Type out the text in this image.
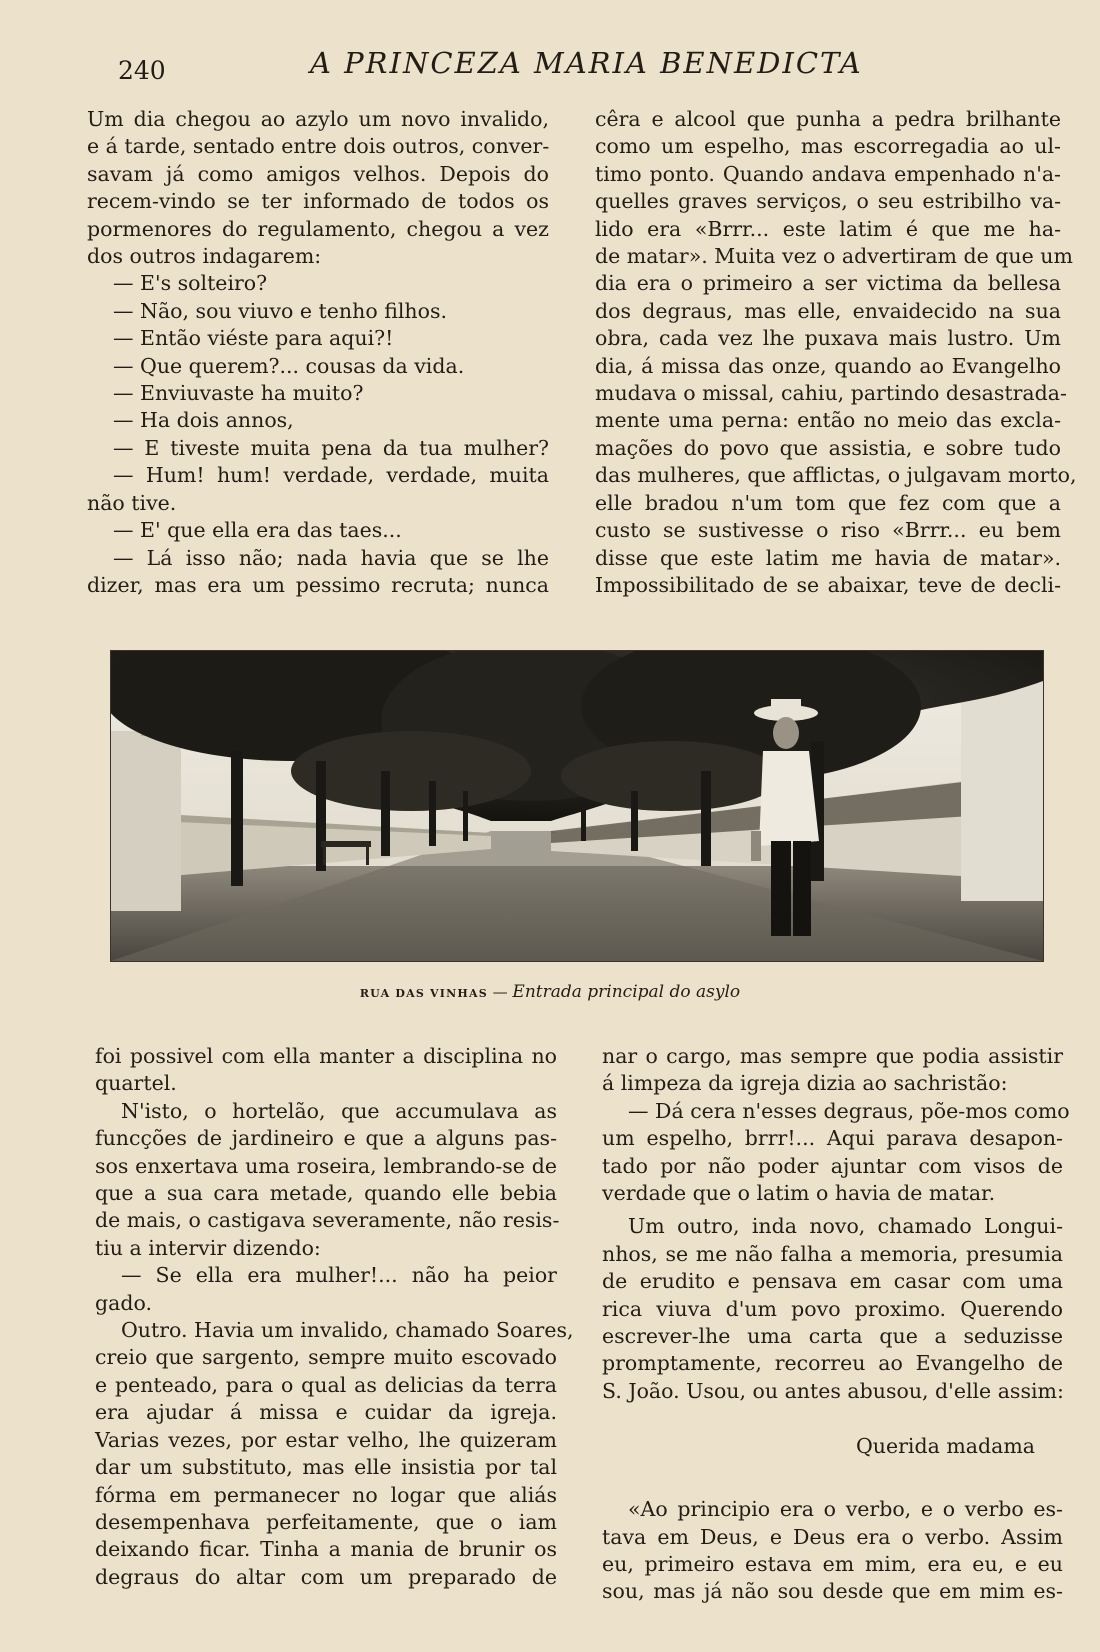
240	A PRINCEZA MARIA BENEDICTA
Um dia chegou ao azylo um novo invalido,
e á tarde, sentado entre dois outros, conver-
savam já como amigos velhos. Depois do
recem-vindo se ter informado de todos os
pormenores do regulamento, chegou a vez
dos outros indagarem:
— E's solteiro?
— Não, sou viuvo e tenho filhos.
— Então viéste para aqui?!
— Que querem?... cousas da vida.
— Enviuvaste ha muito?
— Ha dois annos,
— E tiveste muita pena da tua mulher?
— Hum! hum! verdade, verdade, muita
não tive.
— E' que ella era das taes...
— Lá isso não; nada havia que se lhe
dizer, mas era um pessimo recruta; nunca
cêra e alcool que punha a pedra brilhante
como um espelho, mas escorregadia ao ul-
timo ponto. Quando andava empenhado n'a-
quelles graves serviços, o seu estribilho va-
lido era «Brrr... este latim é que me ha-
de matar». Muita vez o advertiram de que um
dia era o primeiro a ser victima da bellesa
dos degraus, mas elle, envaidecido na sua
obra, cada vez lhe puxava mais lustro. Um
dia, á missa das onze, quando ao Evangelho
mudava o missal, cahiu, partindo desastrada-
mente uma perna: então no meio das excla-
mações do povo que assistia, e sobre tudo
das mulheres, que afflictas, o julgavam morto,
elle bradou n'um tom que fez com que a
custo se sustivesse o riso «Brrr... eu bem
disse que este latim me havia de matar».
Impossibilitado de se abaixar, teve de decli-
RUA DAS VINHAS — Entrada principal do asylo
foi possivel com ella manter a disciplina no
quartel.
N'isto, o hortelão, que accumulava as
funcções de jardineiro e que a alguns pas-
sos enxertava uma roseira, lembrando-se de
que a sua cara metade, quando elle bebia
de mais, o castigava severamente, não resis-
tiu a intervir dizendo:
— Se ella era mulher!... não ha peior
gado.
Outro. Havia um invalido, chamado Soares,
creio que sargento, sempre muito escovado
e penteado, para o qual as delicias da terra
era ajudar á missa e cuidar da igreja.
Varias vezes, por estar velho, lhe quizeram
dar um substituto, mas elle insistia por tal
fórma em permanecer no logar que aliás
desempenhava perfeitamente, que o iam
deixando ficar. Tinha a mania de brunir os
degraus do altar com um preparado de
nar o cargo, mas sempre que podia assistir
á limpeza da igreja dizia ao sachristão:
— Dá cera n'esses degraus, põe-mos como
um espelho, brrr!... Aqui parava desapon-
tado por não poder ajuntar com visos de
verdade que o latim o havia de matar.
Um outro, inda novo, chamado Longui-
nhos, se me não falha a memoria, presumia
de erudito e pensava em casar com uma
rica viuva d'um povo proximo. Querendo
escrever-lhe uma carta que a seduzisse
promptamente, recorreu ao Evangelho de
S. João. Usou, ou antes abusou, d'elle assim:

Querida madama

«Ao principio era o verbo, e o verbo es-
tava em Deus, e Deus era o verbo. Assim
eu, primeiro estava em mim, era eu, e eu
sou, mas já não sou desde que em mim es-
